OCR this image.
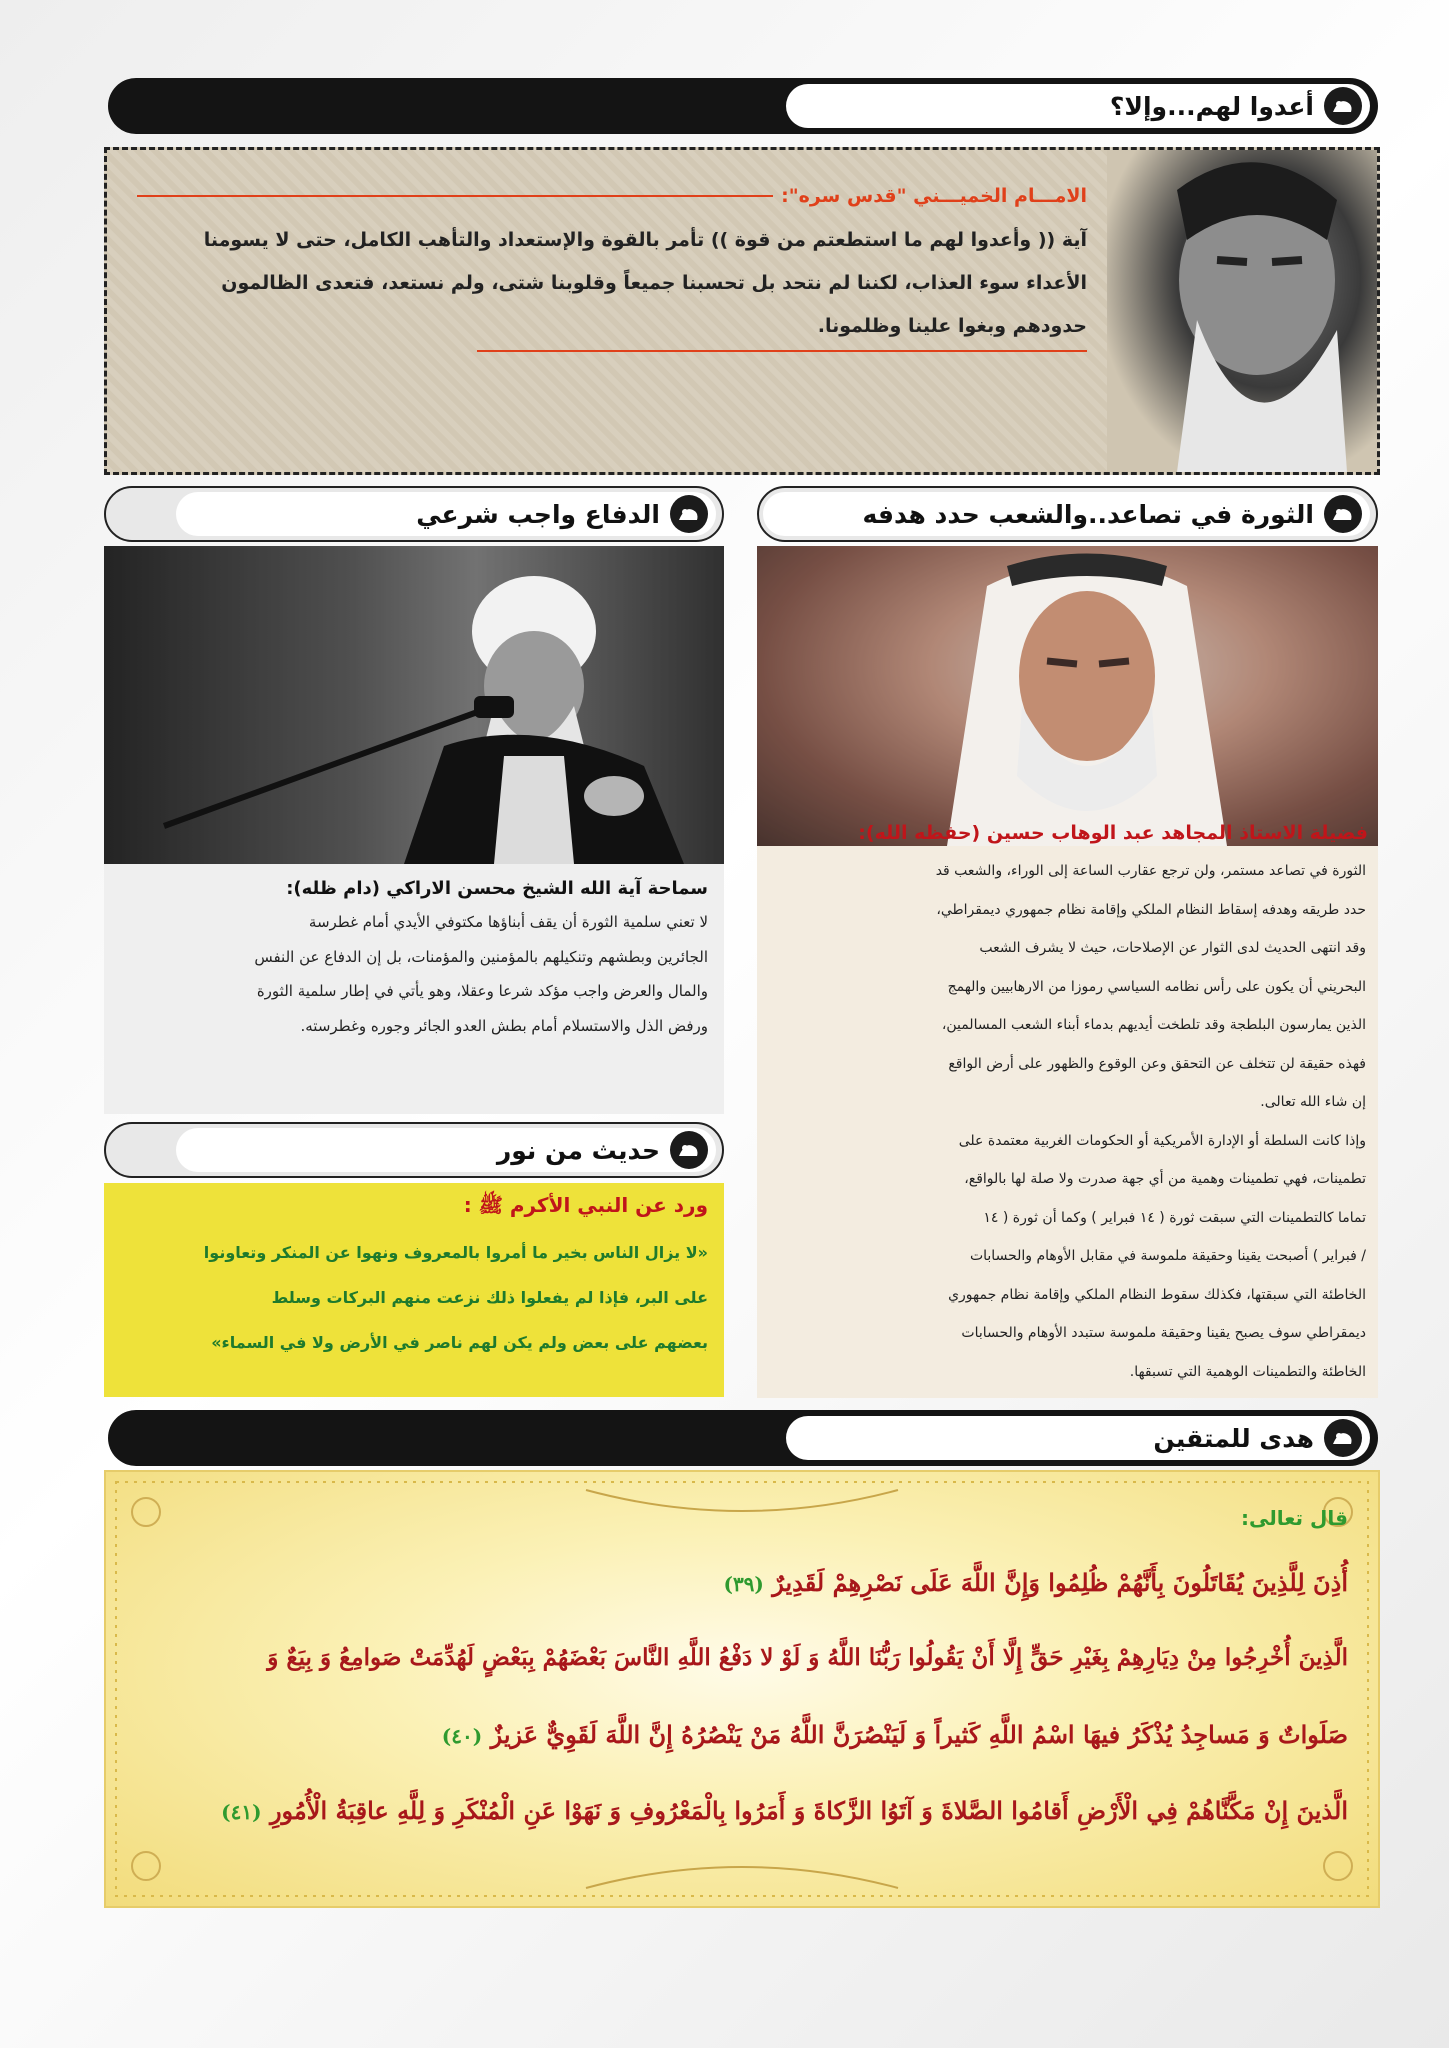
أعدوا لهم...وإلا؟
الامـــام الخميـــني "قدس سره":
آية (( وأعدوا لهم ما استطعتم من قوة )) تأمر بالقوة والإستعداد والتأهب الكامل، حتى لا يسومنا
الأعداء سوء العذاب، لكننا لم نتحد بل تحسبنا جميعاً وقلوبنا شتى، ولم نستعد، فتعدى الظالمون
حدودهم وبغوا علينا وظلمونا.
الدفاع واجب شرعي	الثورة في تصاعد..والشعب حدد هدفه
فضيلة الاستاذ المجاهد عبد الوهاب حسين (حفظه الله):
سماحة آية الله الشيخ محسن الاراكي (دام ظله):
لا تعني سلمية الثورة أن يقف أبناؤها مكتوفي الأيدي أمام غطرسة
الجائرين وبطشهم وتنكيلهم بالمؤمنين والمؤمنات، بل إن الدفاع عن النفس
والمال والعرض واجب مؤكد شرعا وعقلا، وهو يأتي في إطار سلمية الثورة
ورفض الذل والاستسلام أمام بطش العدو الجائر وجوره وغطرسته.
الثورة في تصاعد مستمر، ولن ترجع عقارب الساعة إلى الوراء، والشعب قد
حدد طريقه وهدفه إسقاط النظام الملكي وإقامة نظام جمهوري ديمقراطي،
وقد انتهى الحديث لدى الثوار عن الإصلاحات، حيث لا يشرف الشعب
البحريني أن يكون على رأس نظامه السياسي رموزا من الارهابيين والهمج
الذين يمارسون البلطجة وقد تلطخت أيديهم بدماء أبناء الشعب المسالمين،
فهذه حقيقة لن تتخلف عن التحقق وعن الوقوع والظهور على أرض الواقع
إن شاء الله تعالى.
وإذا كانت السلطة أو الإدارة الأمريكية أو الحكومات الغربية معتمدة على
تطمينات، فهي تطمينات وهمية من أي جهة صدرت ولا صلة لها بالواقع،
تماما كالتطمينات التي سبقت ثورة ( ١٤ فبراير ) وكما أن ثورة ( ١٤
/ فبراير ) أصبحت يقينا وحقيقة ملموسة في مقابل الأوهام والحسابات
الخاطئة التي سبقتها، فكذلك سقوط النظام الملكي وإقامة نظام جمهوري
ديمقراطي سوف يصبح يقينا وحقيقة ملموسة ستبدد الأوهام والحسابات
الخاطئة والتطمينات الوهمية التي تسبقها.
حديث من نور
ورد عن النبي الأكرم ﷺ :
«لا يزال الناس بخير ما أمروا بالمعروف ونهوا عن المنكر وتعاونوا
على البر، فإذا لم يفعلوا ذلك نزعت منهم البركات وسلط
بعضهم على بعض ولم يكن لهم ناصر في الأرض ولا في السماء»
هدى للمتقين
قال تعالى:
أُذِنَ لِلَّذِينَ يُقَاتَلُونَ بِأَنَّهُمْ ظُلِمُوا وَإِنَّ اللَّهَ عَلَى نَصْرِهِمْ لَقَدِيرٌ (٣٩)
الَّذِينَ أُخْرِجُوا مِنْ دِيَارِهِمْ بِغَيْرِ حَقٍّ إِلَّا أَنْ يَقُولُوا رَبُّنَا اللَّهُ وَ لَوْ لا دَفْعُ اللَّهِ النَّاسَ بَعْضَهُمْ بِبَعْضٍ لَهُدِّمَتْ صَوامِعُ وَ بِيَعٌ وَ
صَلَواتٌ وَ مَساجِدُ يُذْكَرُ فيهَا اسْمُ اللَّهِ كَثيراً وَ لَيَنْصُرَنَّ اللَّهُ مَنْ يَنْصُرُهُ إِنَّ اللَّهَ لَقَوِيٌّ عَزيزٌ (٤٠)
الَّذينَ إِنْ مَكَّنَّاهُمْ فِي الْأَرْضِ أَقامُوا الصَّلاةَ وَ آتَوُا الزَّكاةَ وَ أَمَرُوا بِالْمَعْرُوفِ وَ نَهَوْا عَنِ الْمُنْكَرِ وَ لِلَّهِ عاقِبَةُ الْأُمُورِ (٤١)
